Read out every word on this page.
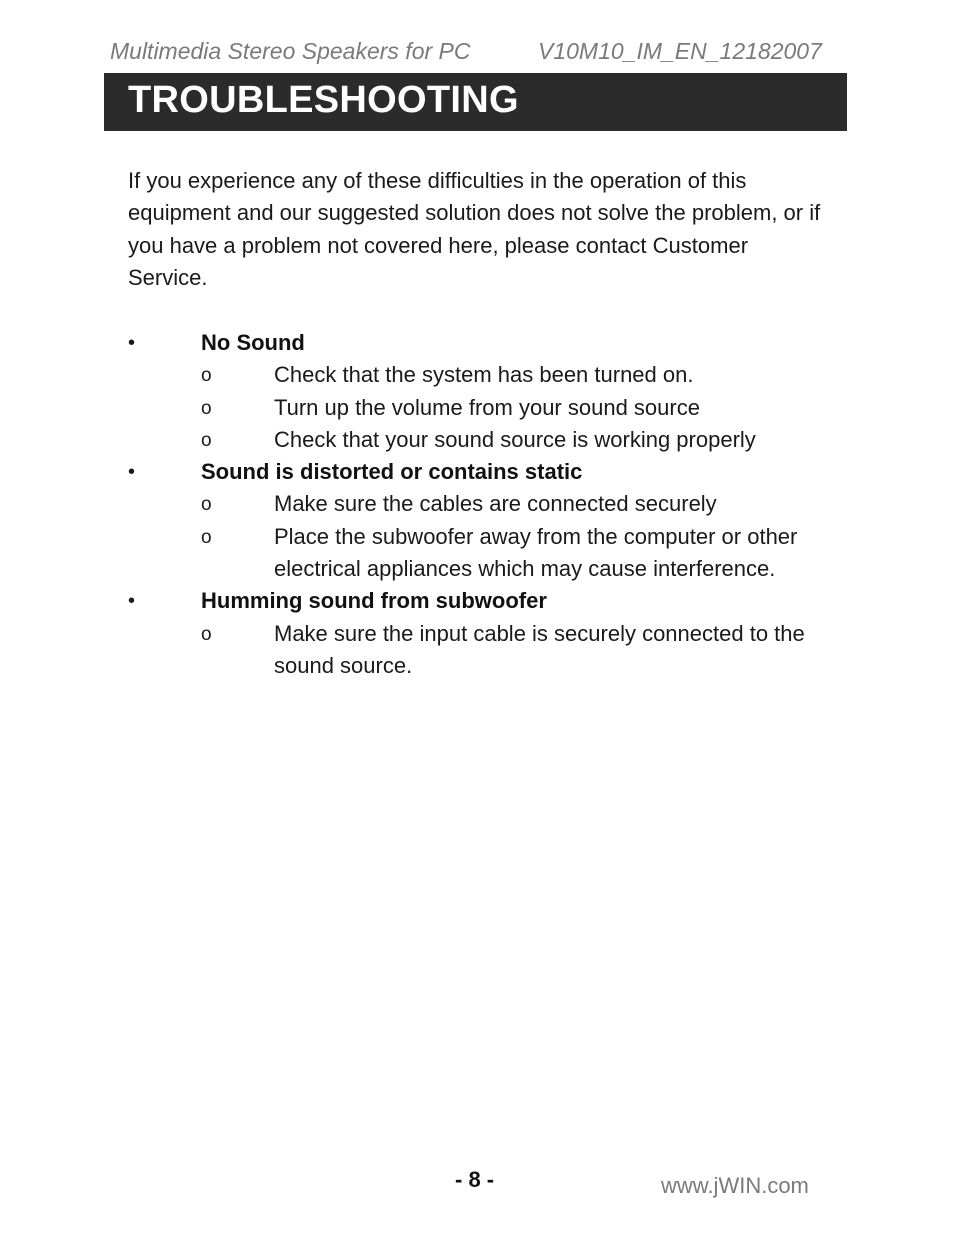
Multimedia Stereo Speakers for PC	V10M10_IM_EN_12182007
TROUBLESHOOTING

If you experience any of these difficulties in the operation of this equipment and our suggested solution does not solve the problem, or if you have a problem not covered here, please contact Customer Service.

•	No Sound
o	Check that the system has been turned on.
o	Turn up the volume from your sound source
o	Check that your sound source is working properly
•	Sound is distorted or contains static
o	Make sure the cables are connected securely
o	Place the subwoofer away from the computer or other electrical appliances which may cause interference.
•	Humming sound from subwoofer
o	Make sure the input cable is securely connected to the sound source.
- 8 -	www.jWIN.com
